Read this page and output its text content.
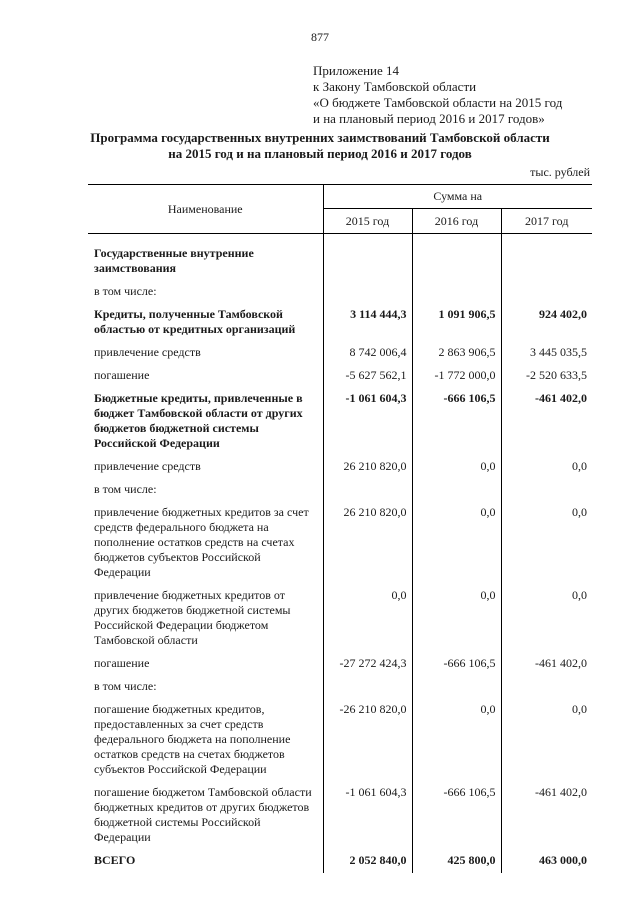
877
Приложение 14
к Закону Тамбовской области
«О бюджете Тамбовской области на 2015 год
и на плановый период 2016 и 2017 годов»
Программа государственных внутренних заимствований Тамбовской области
на 2015 год и на плановый период 2016 и 2017 годов
тыс. рублей
Наименование	Сумма на		
	2015 год	2016 год	2017 год
Государственные внутренние заимствования			
в том числе:			
Кредиты, полученные Тамбовской областью от кредитных организаций	3 114 444,3	1 091 906,5	924 402,0
привлечение средств	8 742 006,4	2 863 906,5	3 445 035,5
погашение	-5 627 562,1	-1 772 000,0	-2 520 633,5
Бюджетные кредиты, привлеченные в бюджет Тамбовской области от других бюджетов бюджетной системы Российской Федерации	-1 061 604,3	-666 106,5	-461 402,0
привлечение средств	26 210 820,0	0,0	0,0
в том числе:			
привлечение бюджетных кредитов за счет средств федерального бюджета на пополнение остатков средств на счетах бюджетов субъектов Российской Федерации	26 210 820,0	0,0	0,0
привлечение бюджетных кредитов от других бюджетов бюджетной системы Российской Федерации бюджетом Тамбовской области	0,0	0,0	0,0
погашение	-27 272 424,3	-666 106,5	-461 402,0
в том числе:			
погашение бюджетных кредитов, предоставленных за счет средств федерального бюджета на пополнение остатков средств на счетах бюджетов субъектов Российской Федерации	-26 210 820,0	0,0	0,0
погашение бюджетом Тамбовской области бюджетных кредитов от других бюджетов бюджетной системы Российской Федерации	-1 061 604,3	-666 106,5	-461 402,0
ВСЕГО	2 052 840,0	425 800,0	463 000,0
